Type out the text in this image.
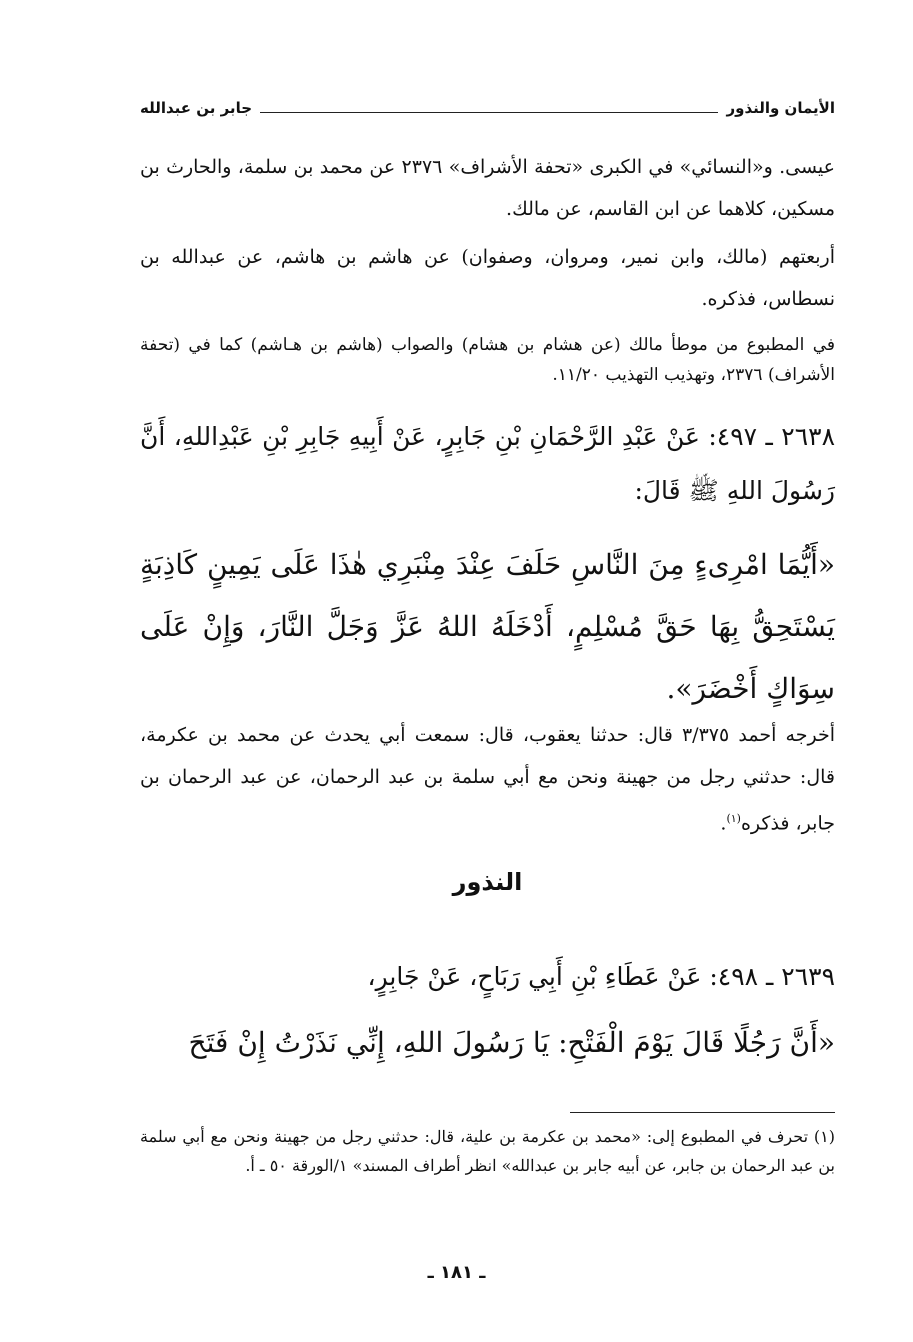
الأيمان والنذور
جابر بن عبدالله

عيسى. و«النسائي» في الكبرى «تحفة الأشراف» ٢٣٧٦ عن محمد بن سلمة، والحارث بن مسكين، كلاهما عن ابن القاسم، عن مالك.

أربعتهم (مالك، وابن نمير، ومروان، وصفوان) عن هاشم بن هاشم، عن عبدالله بن نسطاس، فذكره.

في المطبوع من موطأ مالك (عن هشام بن هشام) والصواب (هاشم بن هـاشم) كما في (تحفة الأشراف) ٢٣٧٦، وتهذيب التهذيب ١١/٢٠.

٢٦٣٨ ـ ٤٩٧: عَنْ عَبْدِ الرَّحْمَانِ بْنِ جَابِرٍ، عَنْ أَبِيهِ جَابِرِ بْنِ عَبْدِاللهِ، أَنَّ رَسُولَ اللهِ ﷺ قَالَ:

«أَيُّمَا امْرِىءٍ مِنَ النَّاسِ حَلَفَ عِنْدَ مِنْبَرِي هٰذَا عَلَى يَمِينٍ كَاذِبَةٍ يَسْتَحِقُّ بِهَا حَقَّ مُسْلِمٍ، أَدْخَلَهُ اللهُ عَزَّ وَجَلَّ النَّارَ، وَإِنْ عَلَى سِوَاكٍ أَخْضَرَ».

أخرجه أحمد ٣/٣٧٥ قال: حدثنا يعقوب، قال: سمعت أبي يحدث عن محمد بن عكرمة، قال: حدثني رجل من جهينة ونحن مع أبي سلمة بن عبد الرحمان، عن عبد الرحمان بن جابر، فذكره$^{(١)}$.

النذور

٢٦٣٩ ـ ٤٩٨: عَنْ عَطَاءِ بْنِ أَبِي رَبَاحٍ، عَنْ جَابِرٍ،

«أَنَّ رَجُلًا قَالَ يَوْمَ الْفَتْحِ: يَا رَسُولَ اللهِ، إِنِّي نَذَرْتُ إِنْ فَتَحَ

(١) تحرف في المطبوع إلى: «محمد بن عكرمة بن علية، قال: حدثني رجل من جهينة ونحن مع أبي سلمة بن عبد الرحمان بن جابر، عن أبيه جابر بن عبدالله» انظر أطراف المسند» ١/الورقة ٥٠ ـ أ.

ـ ١٨١ ـ
